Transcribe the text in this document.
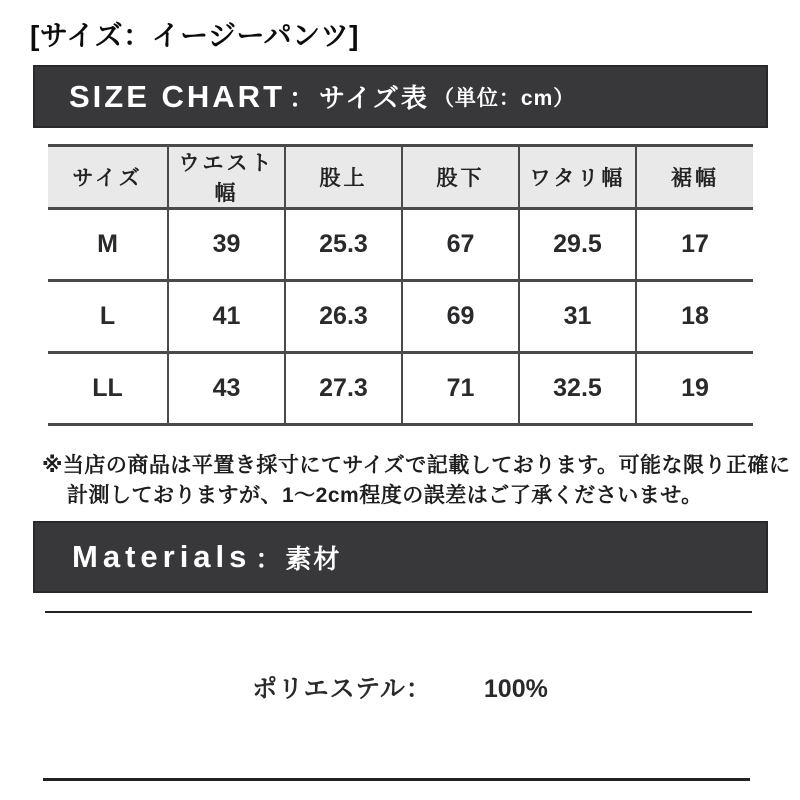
[サイズ：イージーパンツ]
SIZE CHART ： サイズ表 （単位：cm）
サイズ	ウエスト幅	股上	股下	ワタリ幅	裾幅
M	39	25.3	67	29.5	17
L	41	26.3	69	31	18
LL	43	27.3	71	32.5	19
※当店の商品は平置き採寸にてサイズで記載しております。可能な限り正確に
計測しておりますが、1〜2cm程度の誤差はご了承くださいませ。
Materials ： 素材
ポリエステル： 100%
